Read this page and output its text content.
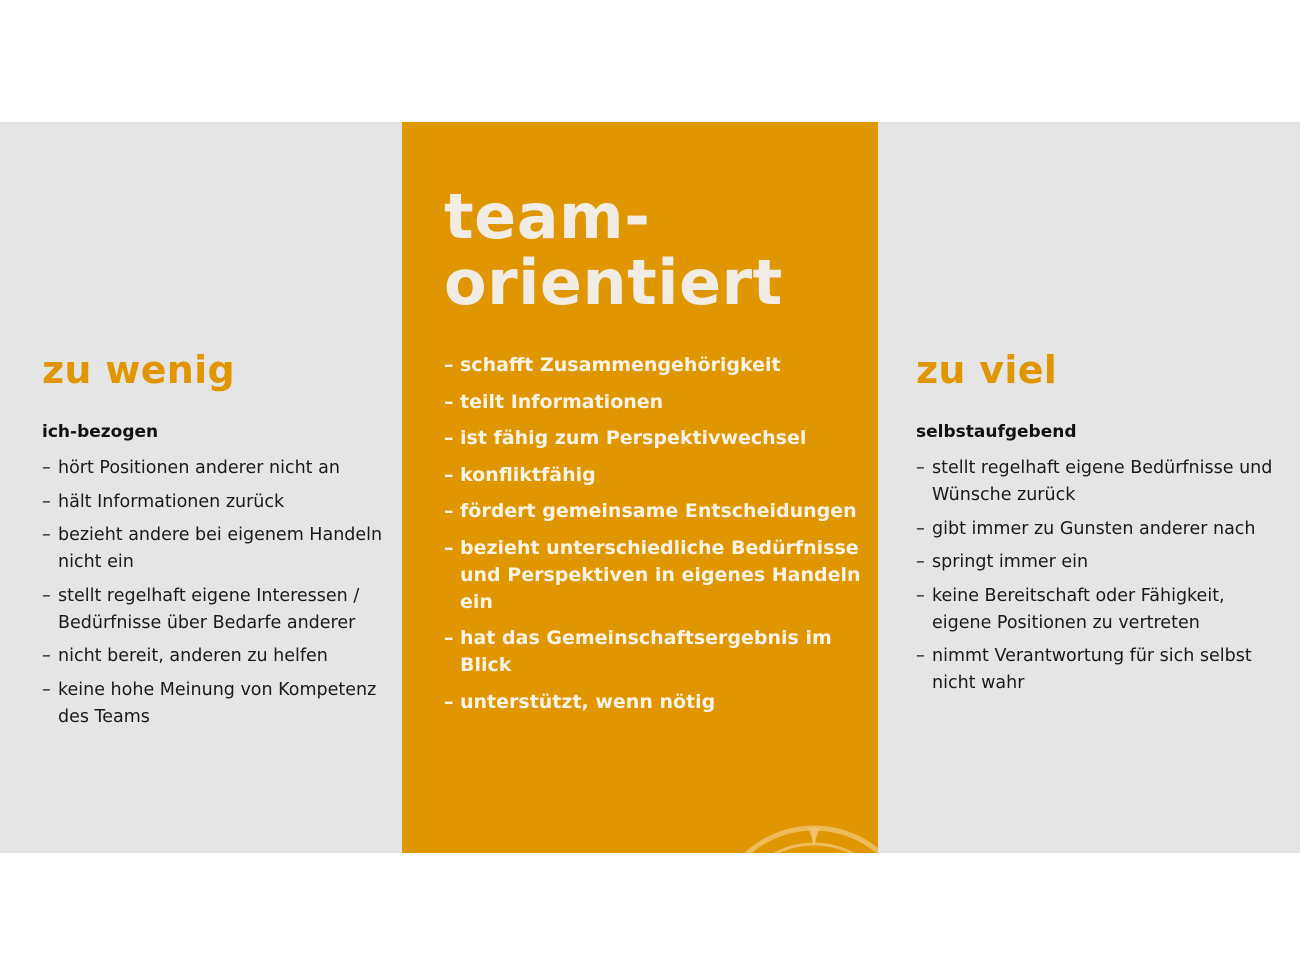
zu wenig

ich-bezogen

– hört Positionen anderer nicht an
– hält Informationen zurück
– bezieht andere bei eigenem Handeln nicht ein
– stellt regelhaft eigene Interessen / Bedürfnisse über Bedarfe anderer
– nicht bereit, anderen zu helfen
– keine hohe Meinung von Kompetenz des Teams
team-
orientiert
– schafft Zusammengehörigkeit
– teilt Informationen
– ist fähig zum Perspektivwechsel
– konfliktfähig
– fördert gemeinsame Entscheidungen
– bezieht unterschiedliche Bedürfnisse und Perspektiven in eigenes Handeln ein
– hat das Gemeinschaftsergebnis im Blick
– unterstützt, wenn nötig
zu viel

selbstaufgebend

– stellt regelhaft eigene Bedürfnisse und Wünsche zurück
– gibt immer zu Gunsten anderer nach
– springt immer ein
– keine Bereitschaft oder Fähigkeit, eigene Positionen zu vertreten
– nimmt Verantwortung für sich selbst nicht wahr
